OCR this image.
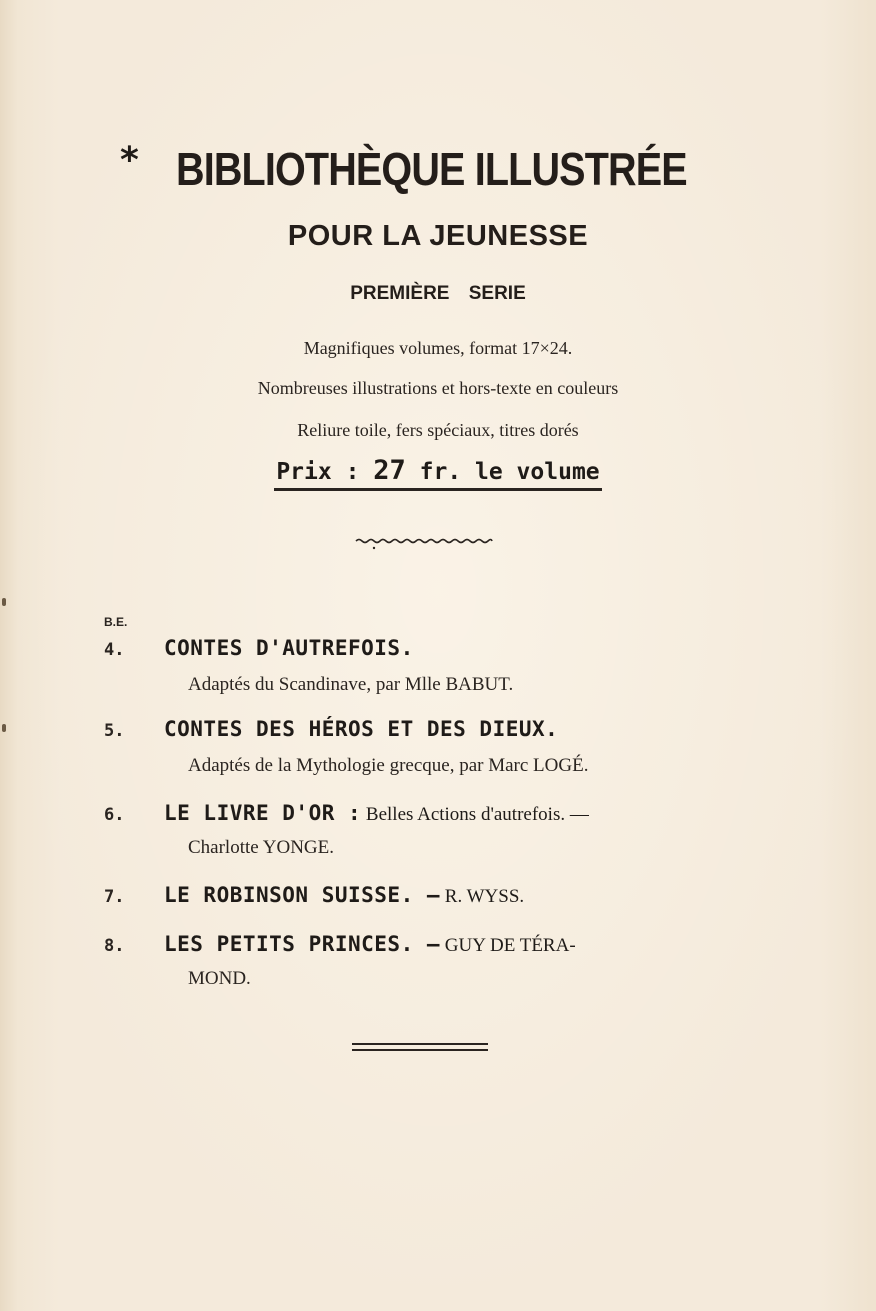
* BIBLIOTHÈQUE ILLUSTRÉE
POUR LA JEUNESSE
PREMIÈRE SERIE
Magnifiques volumes, format 17×24.
Nombreuses illustrations et hors-texte en couleurs
Reliure toile, fers spéciaux, titres dorés
Prix : 27 fr. le volume
B.E.
4. CONTES D'AUTREFOIS.
Adaptés du Scandinave, par Mlle BABUT.
5. CONTES DES HÉROS ET DES DIEUX.
Adaptés de la Mythologie grecque, par Marc LOGÉ.
6. LE LIVRE D'OR : Belles Actions d'autrefois. —
Charlotte YONGE.
7. LE ROBINSON SUISSE. — R. WYSS.
8. LES PETITS PRINCES. — GUY DE TÉRA-
MOND.
